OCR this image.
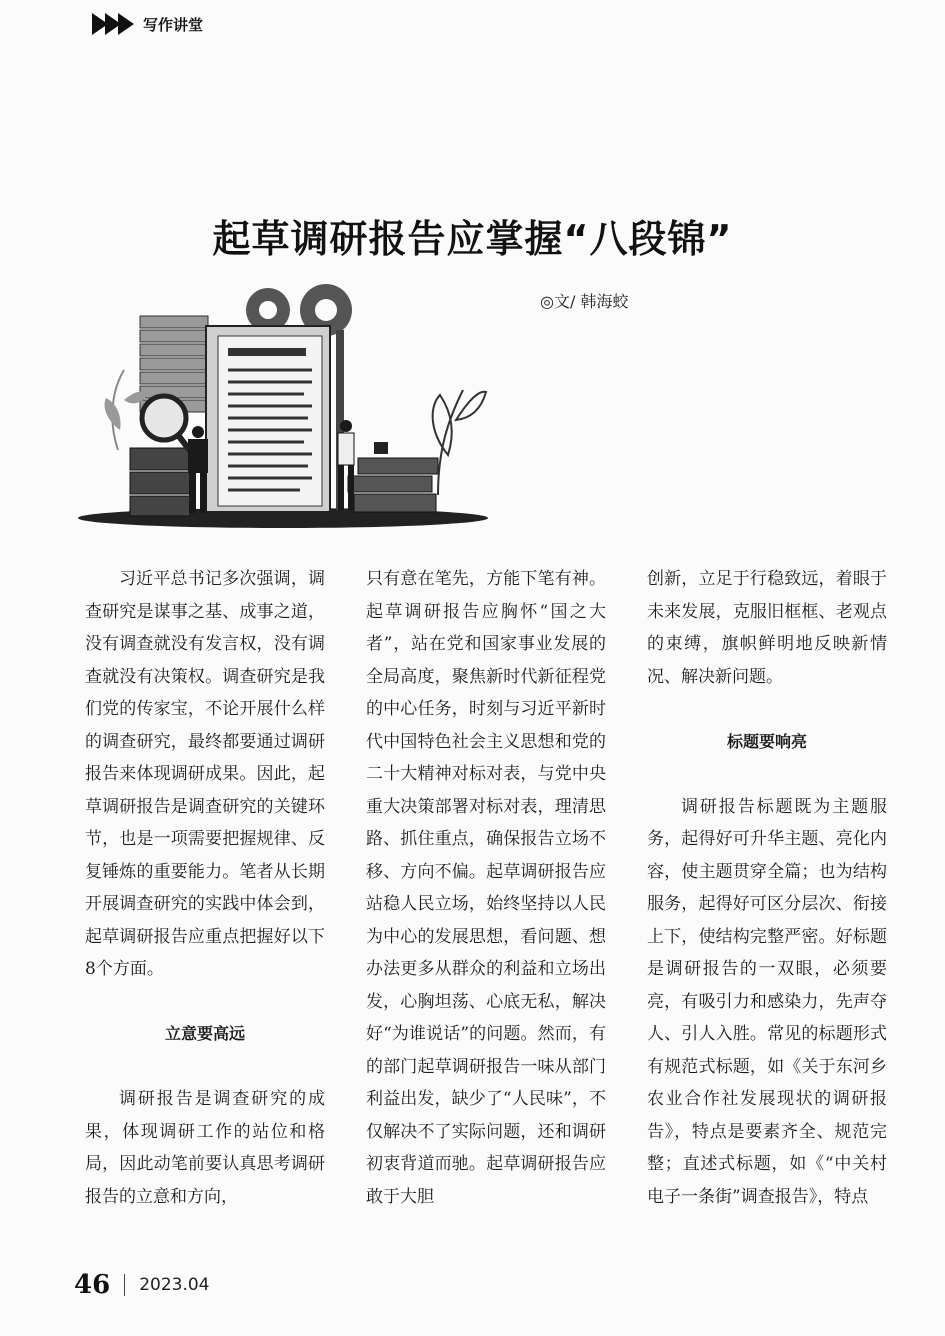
写作讲堂
起草调研报告应掌握“八段锦”
◎文/ 韩海蛟

习近平总书记多次强调，调查研究是谋事之基、成事之道，没有调查就没有发言权，没有调查就没有决策权。调查研究是我们党的传家宝，不论开展什么样的调查研究，最终都要通过调研报告来体现调研成果。因此，起草调研报告是调查研究的关键环节，也是一项需要把握规律、反复锤炼的重要能力。笔者从长期开展调查研究的实践中体会到，起草调研报告应重点把握好以下8个方面。

立意要高远

调研报告是调查研究的成果，体现调研工作的站位和格局，因此动笔前要认真思考调研报告的立意和方向，

只有意在笔先，方能下笔有神。起草调研报告应胸怀“国之大者”，站在党和国家事业发展的全局高度，聚焦新时代新征程党的中心任务，时刻与习近平新时代中国特色社会主义思想和党的二十大精神对标对表，与党中央重大决策部署对标对表，理清思路、抓住重点，确保报告立场不移、方向不偏。起草调研报告应站稳人民立场，始终坚持以人民为中心的发展思想，看问题、想办法更多从群众的利益和立场出发，心胸坦荡、心底无私，解决好“为谁说话”的问题。然而，有的部门起草调研报告一味从部门利益出发，缺少了“人民味”，不仅解决不了实际问题，还和调研初衷背道而驰。起草调研报告应敢于大胆

创新，立足于行稳致远，着眼于未来发展，克服旧框框、老观点的束缚，旗帜鲜明地反映新情况、解决新问题。

标题要响亮

调研报告标题既为主题服务，起得好可升华主题、亮化内容，使主题贯穿全篇；也为结构服务，起得好可区分层次、衔接上下，使结构完整严密。好标题是调研报告的一双眼，必须要亮，有吸引力和感染力，先声夺人、引人入胜。常见的标题形式有规范式标题，如《关于东河乡农业合作社发展现状的调研报告》，特点是要素齐全、规范完整；直述式标题，如《“中关村电子一条街”调查报告》，特点

46 2023.04
